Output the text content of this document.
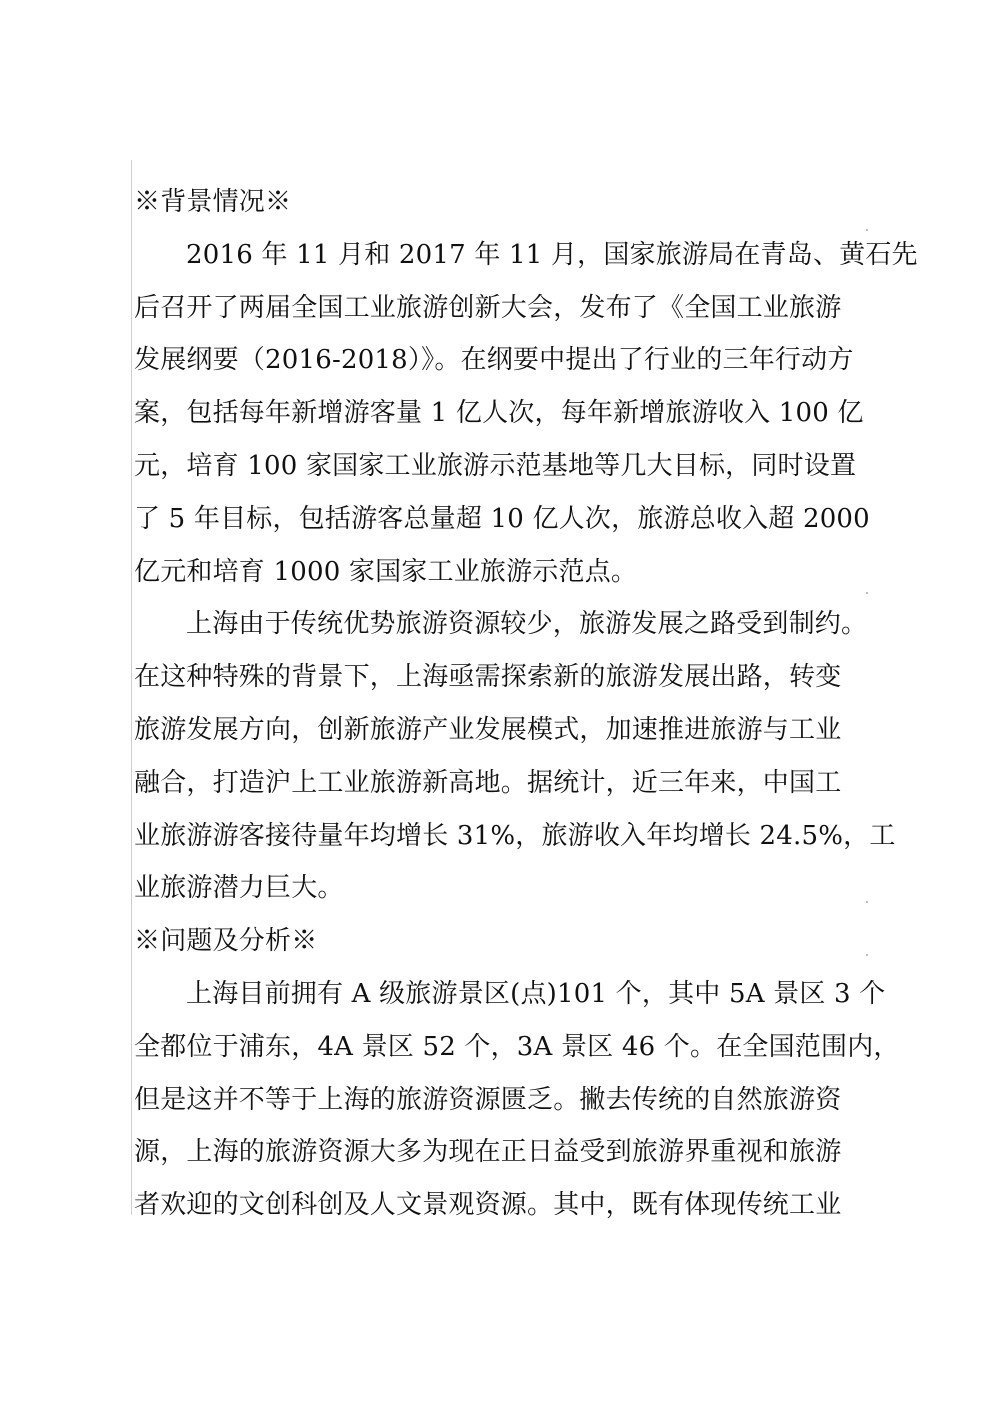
※背景情况※
2016 年 11 月和 2017 年 11 月，国家旅游局在青岛、黄石先
后召开了两届全国工业旅游创新大会，发布了《全国工业旅游
发展纲要（2016-2018）》。在纲要中提出了行业的三年行动方
案，包括每年新增游客量 1 亿人次，每年新增旅游收入 100 亿
元，培育 100 家国家工业旅游示范基地等几大目标，同时设置
了 5 年目标，包括游客总量超 10 亿人次，旅游总收入超 2000
亿元和培育 1000 家国家工业旅游示范点。
上海由于传统优势旅游资源较少，旅游发展之路受到制约。
在这种特殊的背景下，上海亟需探索新的旅游发展出路，转变
旅游发展方向，创新旅游产业发展模式，加速推进旅游与工业
融合，打造沪上工业旅游新高地。据统计，近三年来，中国工
业旅游游客接待量年均增长 31%，旅游收入年均增长 24.5%，工
业旅游潜力巨大。
※问题及分析※
上海目前拥有 A 级旅游景区(点)101 个，其中 5A 景区 3 个
全都位于浦东，4A 景区 52 个，3A 景区 46 个。在全国范围内，
但是这并不等于上海的旅游资源匮乏。撇去传统的自然旅游资
源，上海的旅游资源大多为现在正日益受到旅游界重视和旅游
者欢迎的文创科创及人文景观资源。其中，既有体现传统工业
